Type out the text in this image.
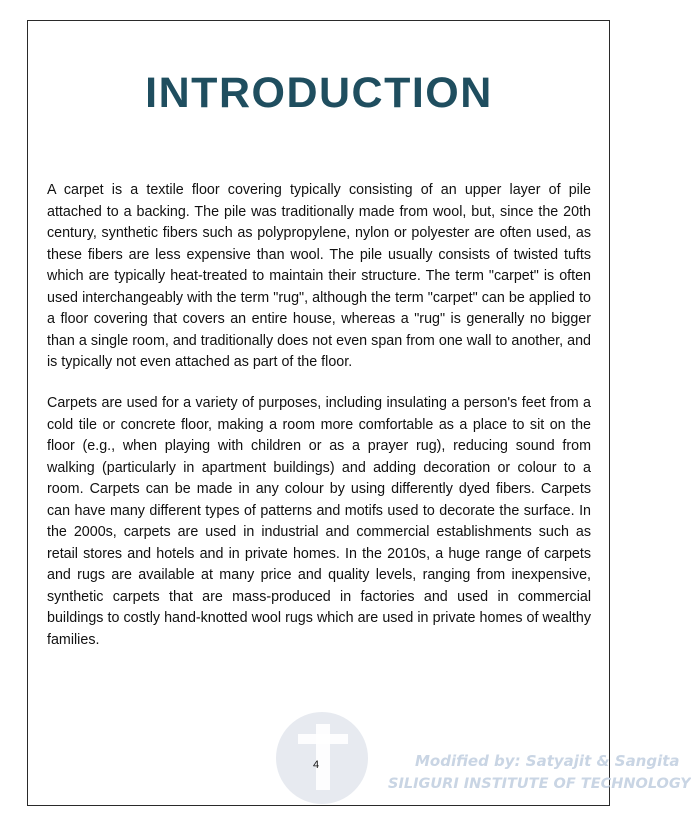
INTRODUCTION

A carpet is a textile floor covering typically consisting of an upper layer of pile attached to a backing. The pile was traditionally made from wool, but, since the 20th century, synthetic fibers such as polypropylene, nylon or polyester are often used, as these fibers are less expensive than wool. The pile usually consists of twisted tufts which are typically heat-treated to maintain their structure. The term "carpet" is often used interchangeably with the term "rug", although the term "carpet" can be applied to a floor covering that covers an entire house, whereas a "rug" is generally no bigger than a single room, and traditionally does not even span from one wall to another, and is typically not even attached as part of the floor.

Carpets are used for a variety of purposes, including insulating a person's feet from a cold tile or concrete floor, making a room more comfortable as a place to sit on the floor (e.g., when playing with children or as a prayer rug), reducing sound from walking (particularly in apartment buildings) and adding decoration or colour to a room. Carpets can be made in any colour by using differently dyed fibers. Carpets can have many different types of patterns and motifs used to decorate the surface. In the 2000s, carpets are used in industrial and commercial establishments such as retail stores and hotels and in private homes. In the 2010s, a huge range of carpets and rugs are available at many price and quality levels, ranging from inexpensive, synthetic carpets that are mass-produced in factories and used in commercial buildings to costly hand-knotted wool rugs which are used in private homes of wealthy families.

Modified by: Satyajit & Sangita
SILIGURI INSTITUTE OF TECHNOLOGY
4
